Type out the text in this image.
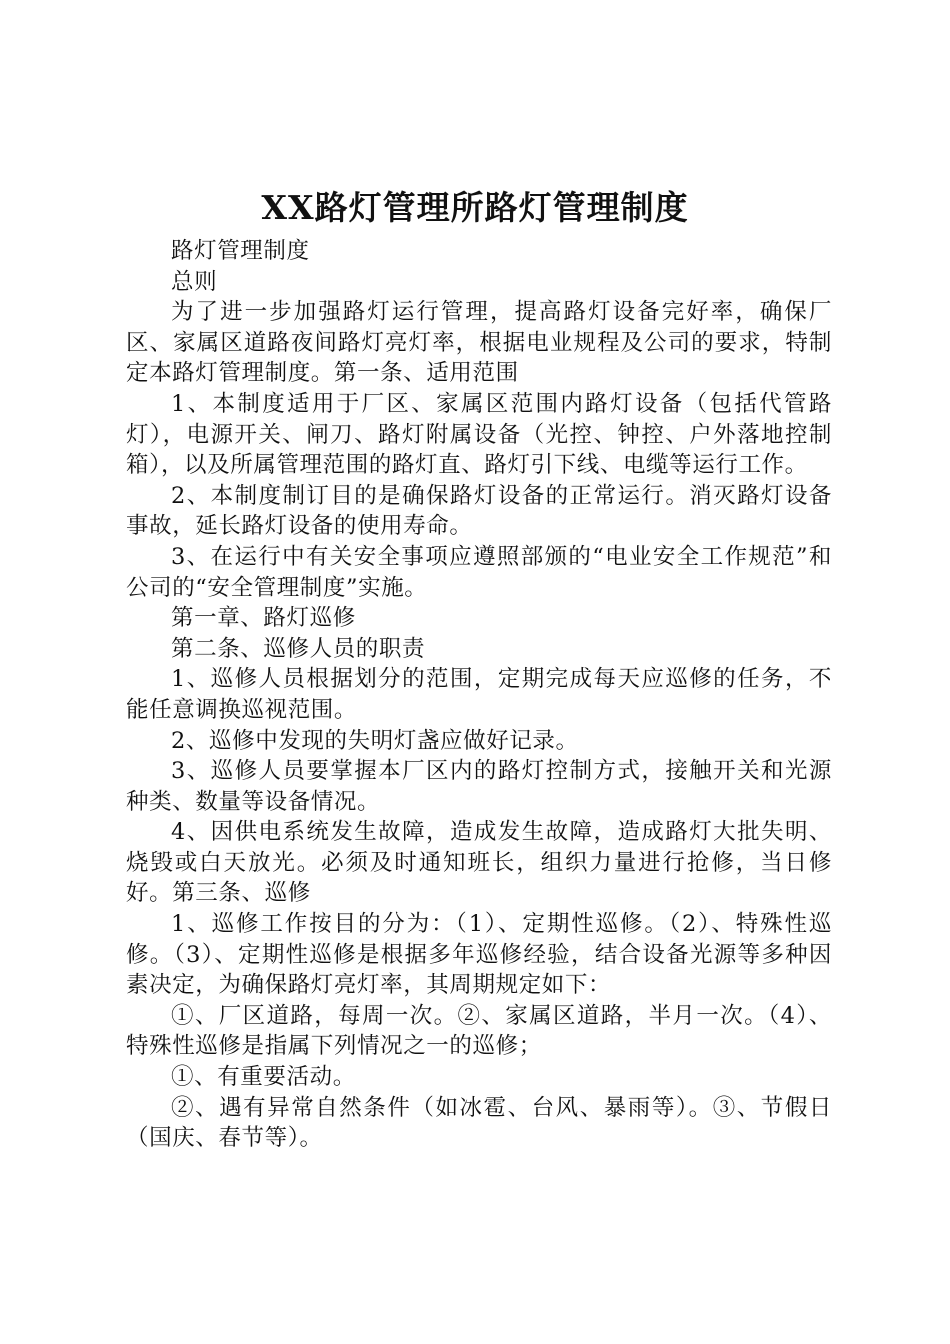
XX路灯管理所路灯管理制度

路灯管理制度

总则

为了进一步加强路灯运行管理，提高路灯设备完好率，确保厂区、家属区道路夜间路灯亮灯率，根据电业规程及公司的要求，特制定本路灯管理制度。第一条、适用范围

1、本制度适用于厂区、家属区范围内路灯设备（包括代管路灯），电源开关、闸刀、路灯附属设备（光控、钟控、户外落地控制箱），以及所属管理范围的路灯直、路灯引下线、电缆等运行工作。

2、本制度制订目的是确保路灯设备的正常运行。消灭路灯设备事故，延长路灯设备的使用寿命。

3、在运行中有关安全事项应遵照部颁的“电业安全工作规范”和公司的“安全管理制度”实施。

第一章、路灯巡修

第二条、巡修人员的职责

1、巡修人员根据划分的范围，定期完成每天应巡修的任务，不能任意调换巡视范围。

2、巡修中发现的失明灯盏应做好记录。

3、巡修人员要掌握本厂区内的路灯控制方式，接触开关和光源种类、数量等设备情况。

4、因供电系统发生故障，造成发生故障，造成路灯大批失明、烧毁或白天放光。必须及时通知班长，组织力量进行抢修，当日修好。第三条、巡修

1、巡修工作按目的分为：（1）、定期性巡修。（2）、特殊性巡修。（3）、定期性巡修是根据多年巡修经验，结合设备光源等多种因素决定，为确保路灯亮灯率，其周期规定如下：

①、厂区道路，每周一次。②、家属区道路，半月一次。（4）、特殊性巡修是指属下列情况之一的巡修；

①、有重要活动。

②、遇有异常自然条件（如冰雹、台风、暴雨等）。③、节假日（国庆、春节等）。
